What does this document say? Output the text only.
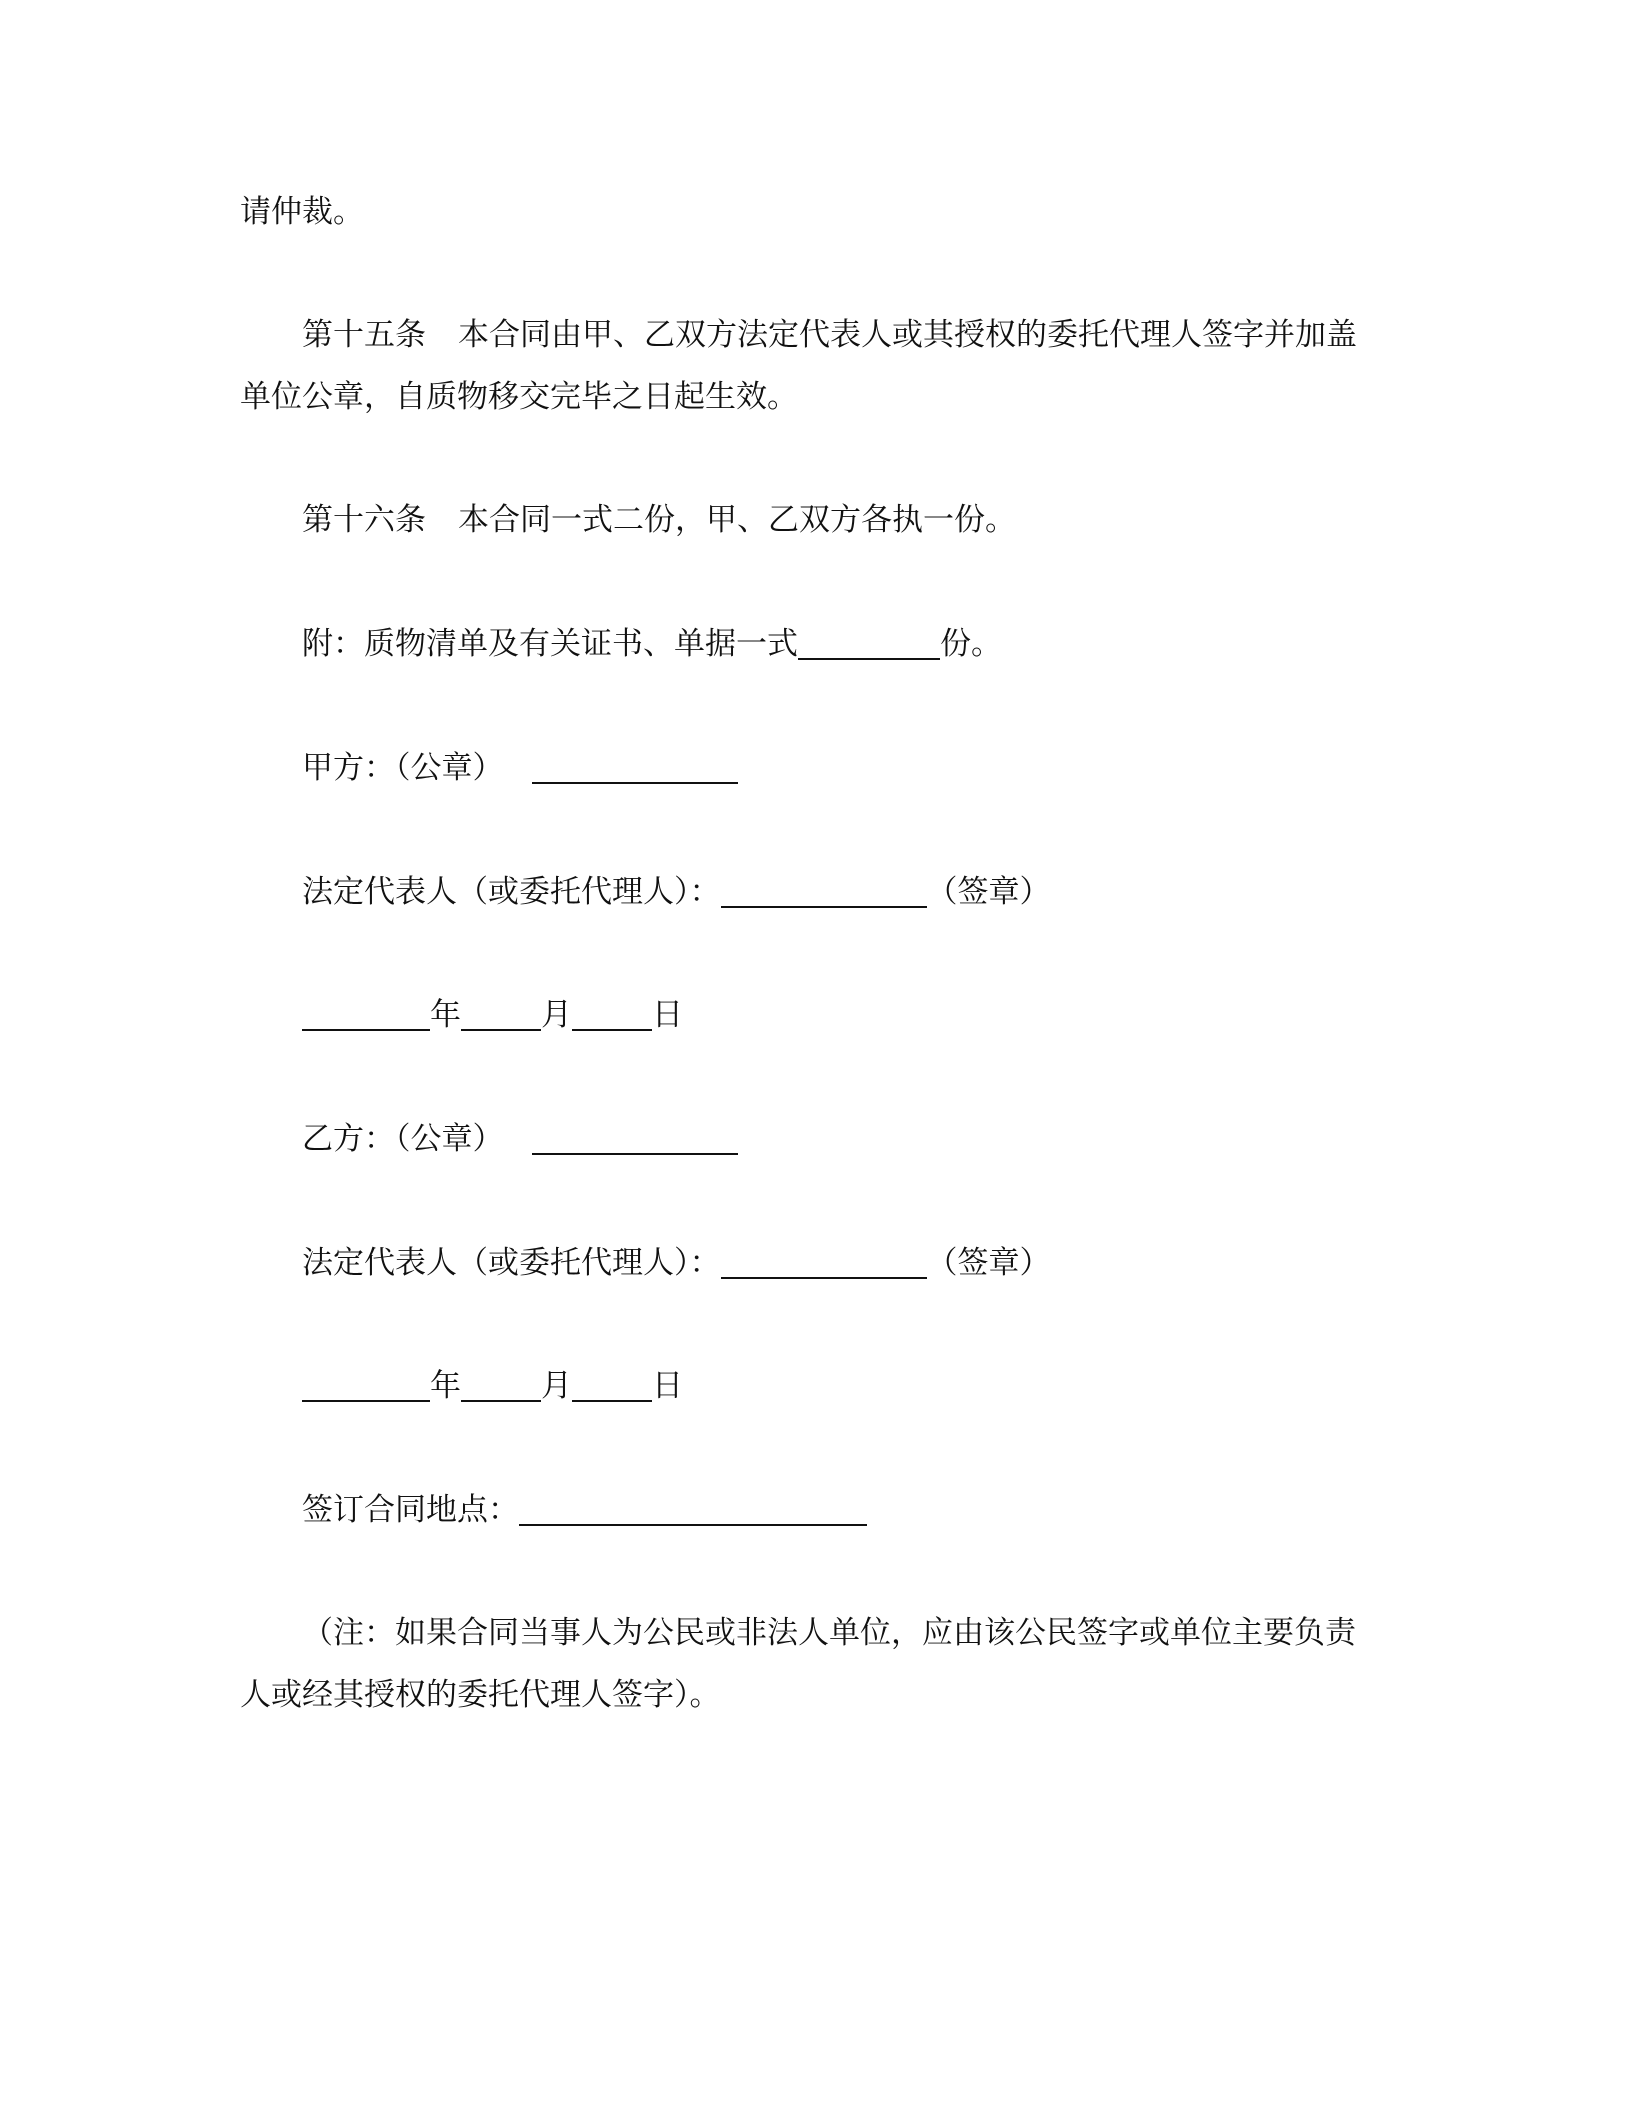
请仲裁。
第十五条 本合同由甲、乙双方法定代表人或其授权的委托代理人签字并加盖
单位公章，自质物移交完毕之日起生效。
第十六条 本合同一式二份，甲、乙双方各执一份。
附：质物清单及有关证书、单据一式	份。
甲方：（公章）
法定代表人（或委托代理人）：	（签章）
年	月	日
乙方：（公章）
法定代表人（或委托代理人）：	（签章）
年	月	日
签订合同地点：
（注：如果合同当事人为公民或非法人单位，应由该公民签字或单位主要负责
人或经其授权的委托代理人签字）。
